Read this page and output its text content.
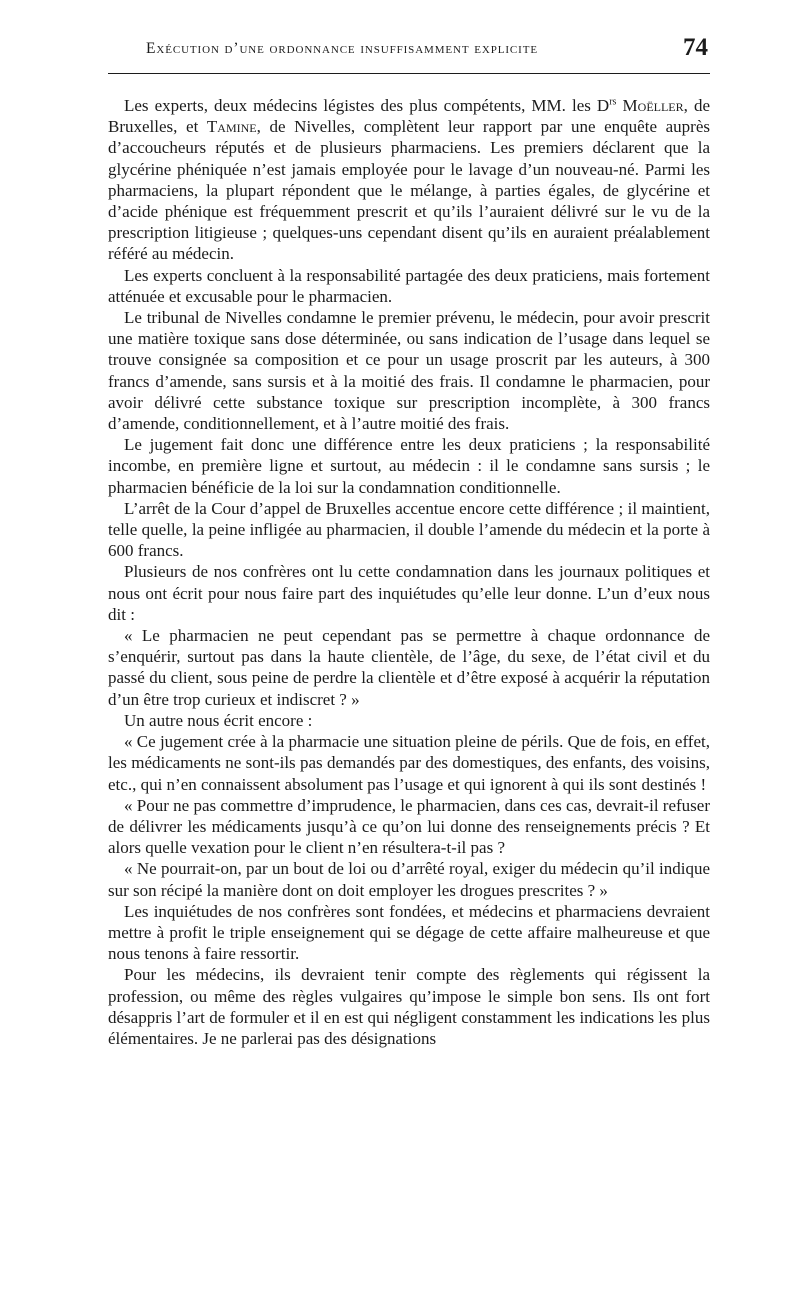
Exécution d’une ordonnance insuffisamment explicite	74

Les experts, deux médecins légistes des plus compétents, MM. les $D^{rs}$ Moëller, de Bruxelles, et Tamine, de Nivelles, complètent leur rapport par une enquête auprès d’accoucheurs réputés et de plusieurs pharmaciens. Les premiers déclarent que la glycérine phéniquée n’est jamais employée pour le lavage d’un nouveau-né. Parmi les pharmaciens, la plupart répondent que le mélange, à parties égales, de glycérine et d’acide phénique est fréquemment prescrit et qu’ils l’auraient délivré sur le vu de la prescription litigieuse ; quelques-uns cependant disent qu’ils en auraient préalablement référé au médecin.

Les experts concluent à la responsabilité partagée des deux praticiens, mais fortement atténuée et excusable pour le pharmacien.

Le tribunal de Nivelles condamne le premier prévenu, le médecin, pour avoir prescrit une matière toxique sans dose déterminée, ou sans indication de l’usage dans lequel se trouve consignée sa composition et ce pour un usage proscrit par les auteurs, à 300 francs d’amende, sans sursis et à la moitié des frais. Il condamne le pharmacien, pour avoir délivré cette substance toxique sur prescription incomplète, à 300 francs d’amende, conditionnellement, et à l’autre moitié des frais.

Le jugement fait donc une différence entre les deux praticiens ; la responsabilité incombe, en première ligne et surtout, au médecin : il le condamne sans sursis ; le pharmacien bénéficie de la loi sur la condamnation conditionnelle.

L’arrêt de la Cour d’appel de Bruxelles accentue encore cette différence ; il maintient, telle quelle, la peine infligée au pharmacien, il double l’amende du médecin et la porte à 600 francs.

Plusieurs de nos confrères ont lu cette condamnation dans les journaux politiques et nous ont écrit pour nous faire part des inquiétudes qu’elle leur donne. L’un d’eux nous dit :

« Le pharmacien ne peut cependant pas se permettre à chaque ordonnance de s’enquérir, surtout pas dans la haute clientèle, de l’âge, du sexe, de l’état civil et du passé du client, sous peine de perdre la clientèle et d’être exposé à acquérir la réputation d’un être trop curieux et indiscret ? »

Un autre nous écrit encore :

« Ce jugement crée à la pharmacie une situation pleine de périls. Que de fois, en effet, les médicaments ne sont-ils pas demandés par des domestiques, des enfants, des voisins, etc., qui n’en connaissent absolument pas l’usage et qui ignorent à qui ils sont destinés !

« Pour ne pas commettre d’imprudence, le pharmacien, dans ces cas, devrait-il refuser de délivrer les médicaments jusqu’à ce qu’on lui donne des renseignements précis ? Et alors quelle vexation pour le client n’en résultera-t-il pas ?

« Ne pourrait-on, par un bout de loi ou d’arrêté royal, exiger du médecin qu’il indique sur son récipé la manière dont on doit employer les drogues prescrites ? »

Les inquiétudes de nos confrères sont fondées, et médecins et pharmaciens devraient mettre à profit le triple enseignement qui se dégage de cette affaire malheureuse et que nous tenons à faire ressortir.

Pour les médecins, ils devraient tenir compte des règlements qui régissent la profession, ou même des règles vulgaires qu’impose le simple bon sens. Ils ont fort désappris l’art de formuler et il en est qui négligent constamment les indications les plus élémentaires. Je ne parlerai pas des désignations
